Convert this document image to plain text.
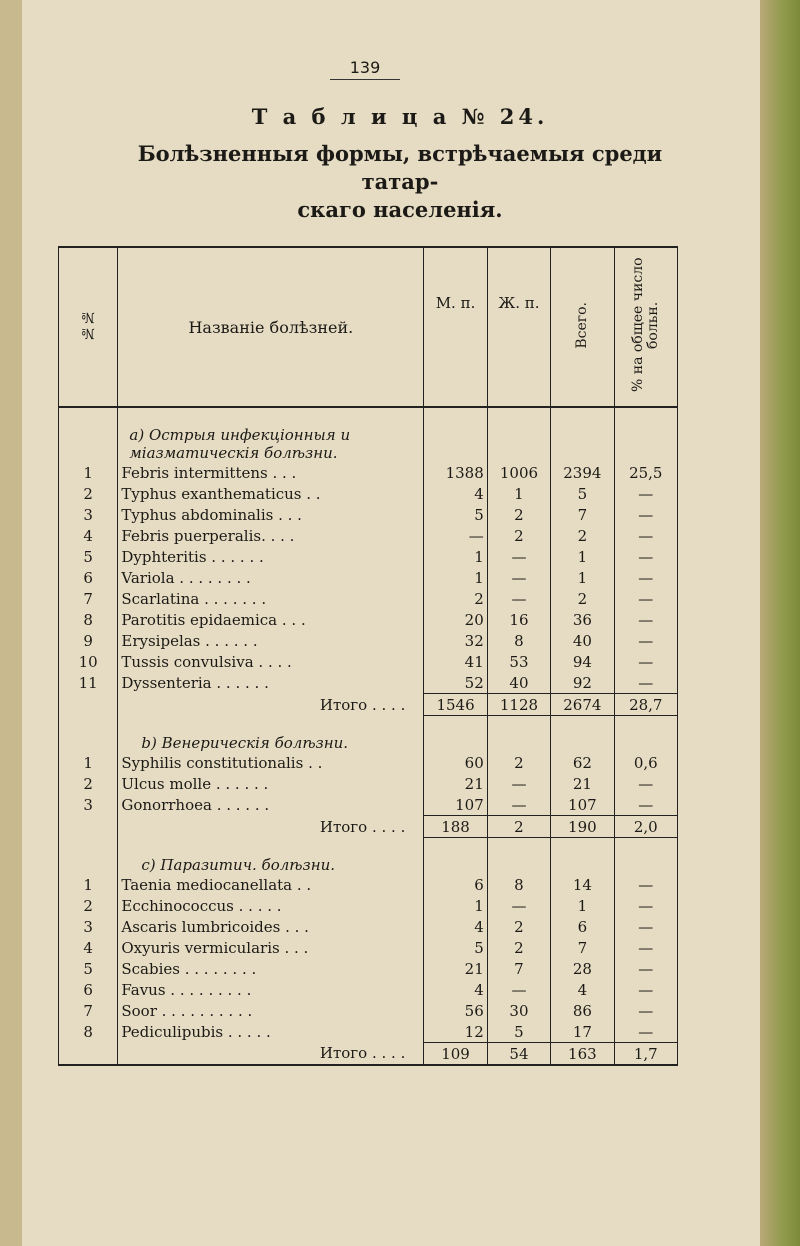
139
Т а б л и ц а № 24.
Болѣзненныя формы, встрѣчаемыя среди татар-
скаго населенія.
№№	Названіе болѣзней.	М. п.	Ж. п.	Всего.	% на общее число больн.

	a) Острыя инфекціонныя и
міазматическія болѣзни.				

1	Febris intermittens . . .	1388	1006	2394	25,5
2	Typhus exanthematicus . .	4	1	5	—
3	Typhus abdominalis . . .	5	2	7	—
4	Febris puerperalis. . . .	—	2	2	—
5	Dyphteritis . . . . . .	1	—	1	—
6	Variola . . . . . . . .	1	—	1	—
7	Scarlatina . . . . . . .	2	—	2	—
8	Parotitis epidaemica . . .	20	16	36	—
9	Erysipelas . . . . . .	32	8	40	—
10	Tussis convulsiva . . . .	41	53	94	—
11	Dyssenteria . . . . . .	52	40	92	—
	Итого . . . .	1546	1128	2674	28,7

	b) Венерическія болѣзни.				

1	Syphilis constitutionalis . .	60	2	62	0,6
2	Ulcus molle . . . . . .	21	—	21	—
3	Gonorrhoea . . . . . .	107	—	107	—
	Итого . . . .	188	2	190	2,0

	c) Паразитич. болѣзни.				

1	Taenia mediocanellata . .	6	8	14	—
2	Ecchinococcus . . . . .	1	—	1	—
3	Ascaris lumbricoides . . .	4	2	6	—
4	Oxyuris vermicularis . . .	5	2	7	—
5	Scabies . . . . . . . .	21	7	28	—
6	Favus . . . . . . . . .	4	—	4	—
7	Soor . . . . . . . . . .	56	30	86	—
8	Pediculipubis . . . . .	12	5	17	—
	Итого . . . .	109	54	163	1,7
